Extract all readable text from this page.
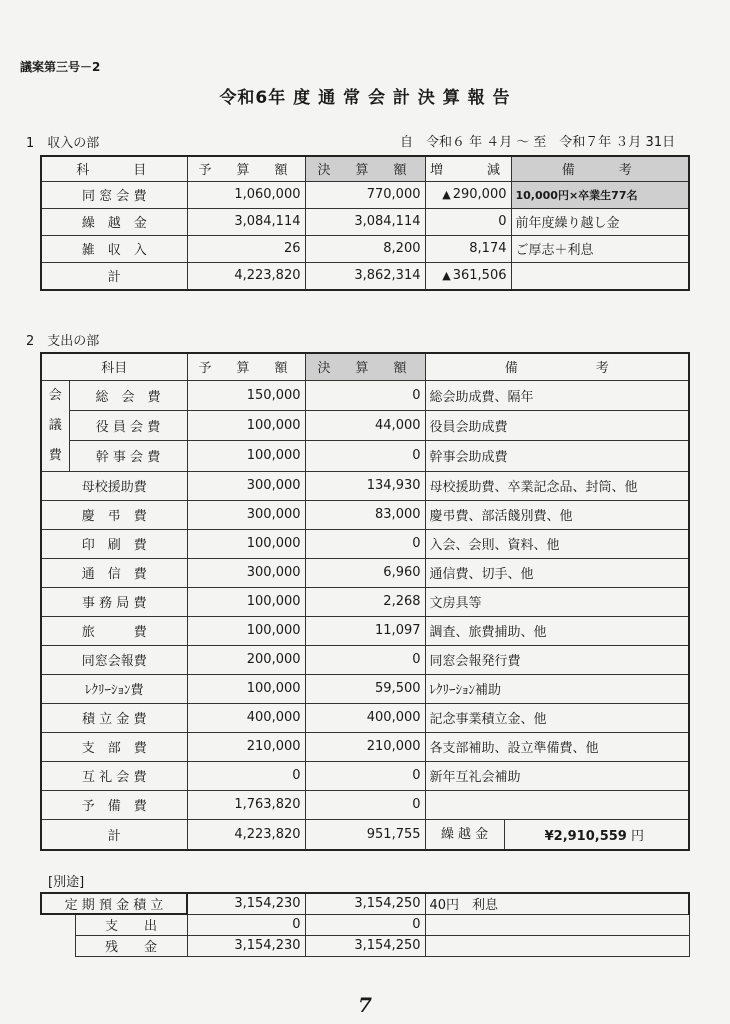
議案第三号－2
令和6年 度 通 常 会 計 決 算 報 告
1　収入の部	自　令和６ 年 ４月 ～ 至　令和７年 ３月 31日
科　　目	予　算　額	決　算　額	増　　減	備　　考
同 窓 会 費	1,060,000	770,000	▲ 290,000	10,000円×卒業生77名
繰　越　金	3,084,114	3,084,114	0	前年度繰り越し金
雑　収　入	26	8,200	8,174	ご厚志＋利息
計	4,223,820	3,862,314	▲ 361,506	
2　支出の部
科目		予　算　額	決　算　額	備　　　　　　考

会
議
費	総　会　費	150,000	0	総会助成費、隔年
	役 員 会 費	100,000	44,000	役員会助成費
	幹 事 会 費	100,000	0	幹事会助成費
母校援助費		300,000	134,930	母校援助費、卒業記念品、封筒、他
慶　弔　費		300,000	83,000	慶弔費、部活餞別費、他
印　刷　費		100,000	0	入会、会則、資料、他
通　信　費		300,000	6,960	通信費、切手、他
事 務 局 費		100,000	2,268	文房具等
旅　　　費		100,000	11,097	調査、旅費捕助、他
同窓会報費		200,000	0	同窓会報発行費
ﾚｸﾘｰｼｮﾝ費		100,000	59,500	ﾚｸﾘｰｼｮﾝ補助
積 立 金 費		400,000	400,000	記念事業積立金、他
支　部　費		210,000	210,000	各支部補助、設立準備費、他
互 礼 会 費		0	0	新年互礼会補助
予　備　費		1,763,820	0	
計		4,223,820	951,755	繰 越 金 ¥2,910,559 円
[別途]
定 期 預 金 積 立		3,154,230	3,154,250	40円　利息
	支　　出	0	0	
	残　　金	3,154,230	3,154,250	
7
